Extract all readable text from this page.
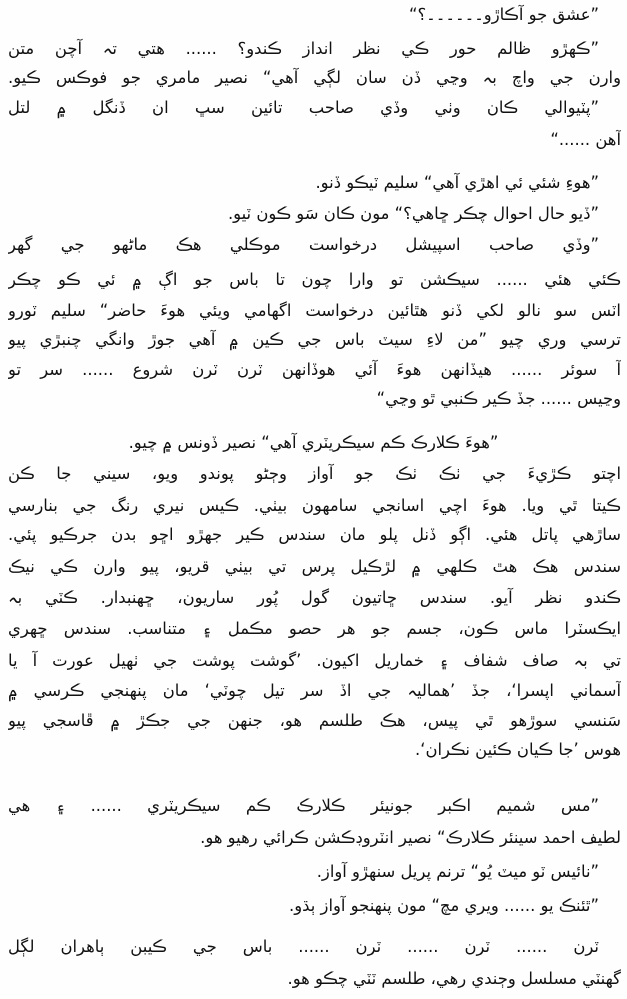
”عشق جو آڪاڙو۔۔۔۔۔۔؟“
”ڪهڙو ظالم حور ڪي نظر انداز ڪندو؟ ...... هتي تہ آچن متن
وارن جي واچ بہ وڃي ڏن سان لڳي آهي“ نصير مامري جو فوڪس ڪيو.
”پٽيوالي ڪان وٺي وڏي صاحب تائين سڀ ان ڏنگل ۾ لتل
آهن ......“
”هوءِ شئي ئي اهڙي آهي“ سليم ٽيڪو ڏنو.
”ڏيو حال احوال چڪر ڇاهي؟“ مون ڪان سَو ڪون ٽيو.
”وڏي صاحب اسپيشل درخواست موڪلي هڪ ماڻهو جي گهر
ڪئي هئي ...... سيڪشن تو وارا چون تا باس جو اڳ ۾ ئي ڪو چڪر
اٽس سو نالو لکي ڏنو هٿائين درخواست اگهامي ويئي هوءَ حاضر“ سليم ٽورو
ترسي وري چيو ”من لاءِ سيٽ باس جي ڪين ۾ آهي جوڙ وانگي چنبڙي پيو
آ سوئر ...... هيڏانهن هوءَ آئي هوڏانهن ٽرن ٽرن شروع ...... سر تو
وڃيس ...... جڏ ڪير ڪنبي ٿو وڃي“
”هوءَ ڪلارڪ ڪم سيڪريٽري آهي“ نصير ڏونس ۾ چيو.
اچتو ڪڙيءَ جي ٺڪ ٺڪ جو آواز وڄڻو پوندو ويو، سيني جا ڪن
ڪيتا ٿي ويا. هوءَ اچي اسانجي سامهون بيٺي. ڪيس نيري رنگ جي بنارسي
ساڙهي پاتل هئي. اڳو ڏنل پلو مان سندس ڪير جهڙو اڇو بدن جرڪيو پئي.
سندس هڪ هٿ ڪلهي ۾ لڙڪيل پرس تي بيٺي قريو، پيو وارن ڪي نيڪ
ڪندو نظر آيو. سندس ڇاتيون گول پُور ساريون، ڇهنبدار. ڪٽي بہ
ايڪسٽرا ماس ڪون، جسم جو هر حصو مڪمل ۽ متناسب. سندس ڇهري
تي بہ صاف شفاف ۽ خماريل اکيون. ’گوشت پوشت جي ٺهيل عورت آ يا
آسماني اپسرا‘، جڏ ’هماليہ جي اڏ سر تيل چوٽي‘ مان پنهنجي ڪرسي ۾
سَنسي سوڙهو ٿي پيس، هڪ طلسم هو، جنهن جي جڪڙ ۾ ڦاسجي پيو
هوس ’جا ڪيان ڪئين نڪران‘.
”مس شميم اڪبر جونيئر ڪلارڪ ڪم سيڪريٽري ...... ۽ هي
لطيف احمد سينئر ڪلارڪ“ نصير انٽروڊڪشن ڪرائي رهيو هو.
”نائيس ٽو ميٽ يُو“ ترنم پريل سنهڙو آواز.
”ٿئنڪ يو ...... ويري مچ“ مون پنهنجو آواز ٻڌو.
ٽرن ...... ٽرن ...... ٽرن ...... باس جي ڪيبن ٻاهران لڳل
گهنٽي مسلسل وڄندي رهي، طلسم ٽٽي چڪو هو.
